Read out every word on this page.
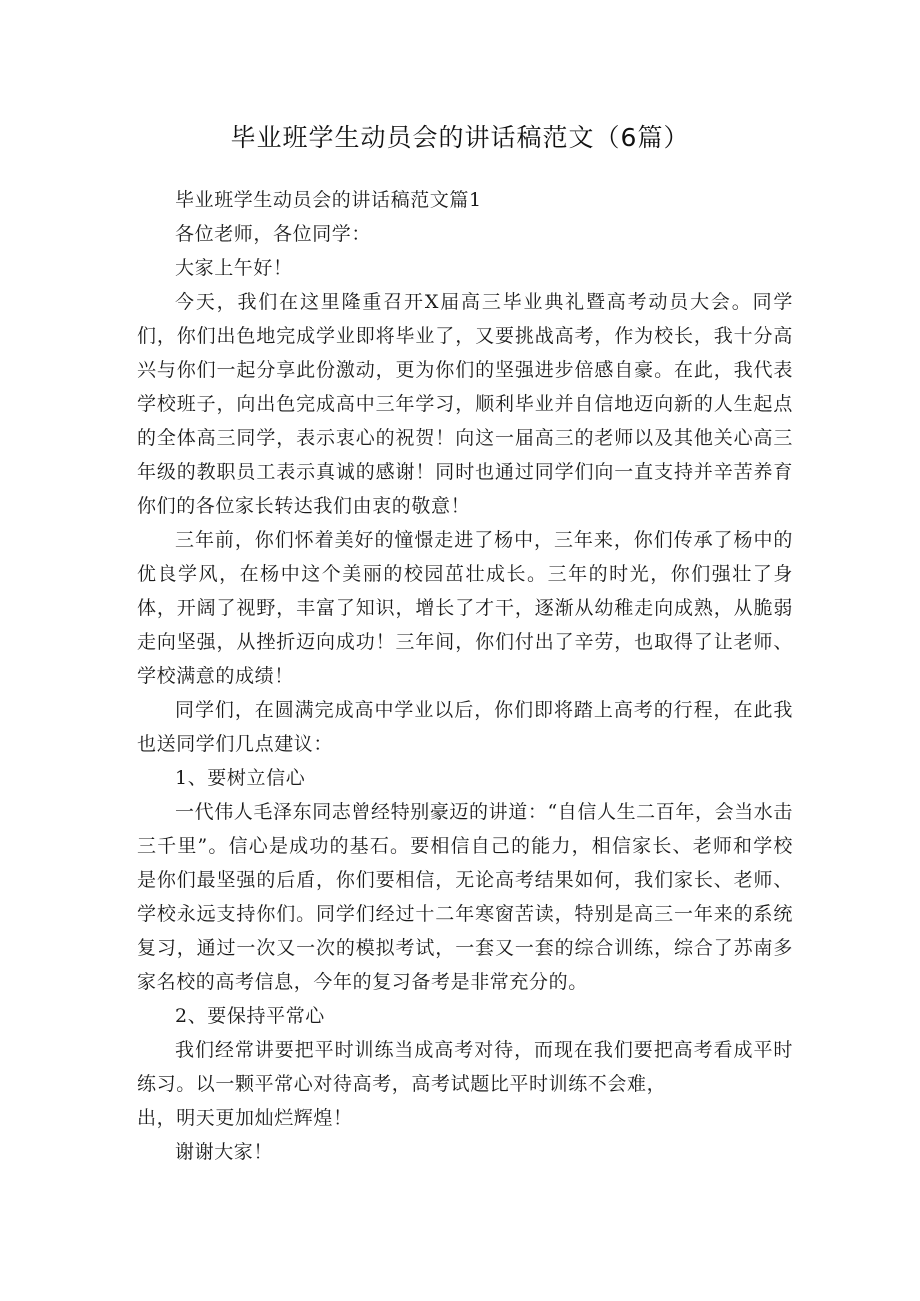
毕业班学生动员会的讲话稿范文（6篇）

毕业班学生动员会的讲话稿范文篇1

各位老师，各位同学：

大家上午好！

今天，我们在这里隆重召开X届高三毕业典礼暨高考动员大会。同学们，你们出色地完成学业即将毕业了，又要挑战高考，作为校长，我十分高兴与你们一起分享此份激动，更为你们的坚强进步倍感自豪。在此，我代表学校班子，向出色完成高中三年学习，顺利毕业并自信地迈向新的人生起点的全体高三同学，表示衷心的祝贺！向这一届高三的老师以及其他关心高三年级的教职员工表示真诚的感谢！同时也通过同学们向一直支持并辛苦养育你们的各位家长转达我们由衷的敬意！

三年前，你们怀着美好的憧憬走进了杨中，三年来，你们传承了杨中的优良学风，在杨中这个美丽的校园茁壮成长。三年的时光，你们强壮了身体，开阔了视野，丰富了知识，增长了才干，逐渐从幼稚走向成熟，从脆弱走向坚强，从挫折迈向成功！三年间，你们付出了辛劳，也取得了让老师、学校满意的成绩！

同学们，在圆满完成高中学业以后，你们即将踏上高考的行程，在此我也送同学们几点建议：

1、要树立信心

一代伟人毛泽东同志曾经特别豪迈的讲道：“自信人生二百年，会当水击三千里”。信心是成功的基石。要相信自己的能力，相信家长、老师和学校是你们最坚强的后盾，你们要相信，无论高考结果如何，我们家长、老师、学校永远支持你们。同学们经过十二年寒窗苦读，特别是高三一年来的系统复习，通过一次又一次的模拟考试，一套又一套的综合训练，综合了苏南多家名校的高考信息，今年的复习备考是非常充分的。

2、要保持平常心

我们经常讲要把平时训练当成高考对待，而现在我们要把高考看成平时练习。以一颗平常心对待高考，高考试题比平时训练不会难，

出，明天更加灿烂辉煌！

谢谢大家！
